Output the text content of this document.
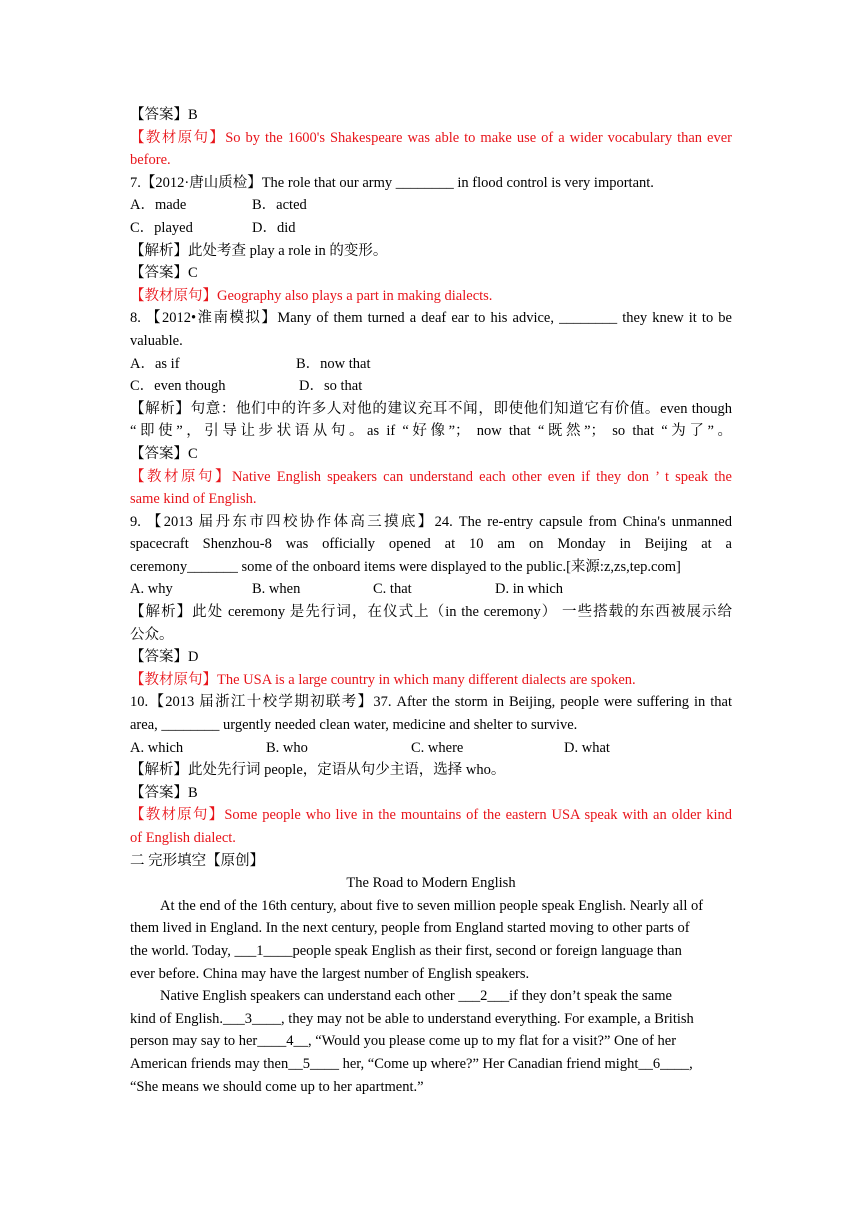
【答案】B
【教材原句】So by the 1600's Shakespeare was able to make use of a wider vocabulary than ever
before.
7.【2012·唐山质检】The role that our army ________ in flood control is very important.
A．made	B．acted
C．played	D．did
【解析】此处考查 play a role in 的变形。
【答案】C
【教材原句】Geography also plays a part in making dialects.
8. 【2012•淮南模拟】Many of them turned a deaf ear to his advice, ________ they knew it to be
valuable.
A．as if	B．now that
C．even though	D．so that
【解析】句意：他们中的许多人对他的建议充耳不闻，即使他们知道它有价值。even though
“即使”，引导让步状语从句。as if “好像”； now that “既然”； so that “为了”。
【答案】C
【教材原句】Native English speakers can understand each other even if they don ’ t speak the
same kind of English.
9. 【2013 届丹东市四校协作体高三摸底】24. The re-entry capsule from China's unmanned
spacecraft Shenzhou-8 was officially opened at 10 am on Monday in Beijing at a
ceremony_______ some of the onboard items were displayed to the public.[来源:z,zs,tep.com]
A. why	B. when	C. that	D. in which
【解析】此处 ceremony 是先行词，在仪式上（in the ceremony） 一些搭载的东西被展示给
公众。
【答案】D
【教材原句】The USA is a large country in which many different dialects are spoken.
10.【2013 届浙江十校学期初联考】37. After the storm in Beijing, people were suffering in that
area, ________ urgently needed clean water, medicine and shelter to survive.
A. which	B. who	C. where	D. what
【解析】此处先行词 people，定语从句少主语，选择 who。
【答案】B
【教材原句】Some people who live in the mountains of the eastern USA speak with an older kind
of English dialect.
二 完形填空【原创】
The Road to Modern English
At the end of the 16th century, about five to seven million people speak English. Nearly all of
them lived in England. In the next century, people from England started moving to other parts of
the world. Today, ___1____people speak English as their first, second or foreign language than
ever before. China may have the largest number of English speakers.
Native English speakers can understand each other ___2___if they don’t speak the same
kind of English.___3____, they may not be able to understand everything. For example, a British
person may say to her____4__, “Would you please come up to my flat for a visit?” One of her
American friends may then__5____ her, “Come up where?” Her Canadian friend might__6____,
“She means we should come up to her apartment.”
